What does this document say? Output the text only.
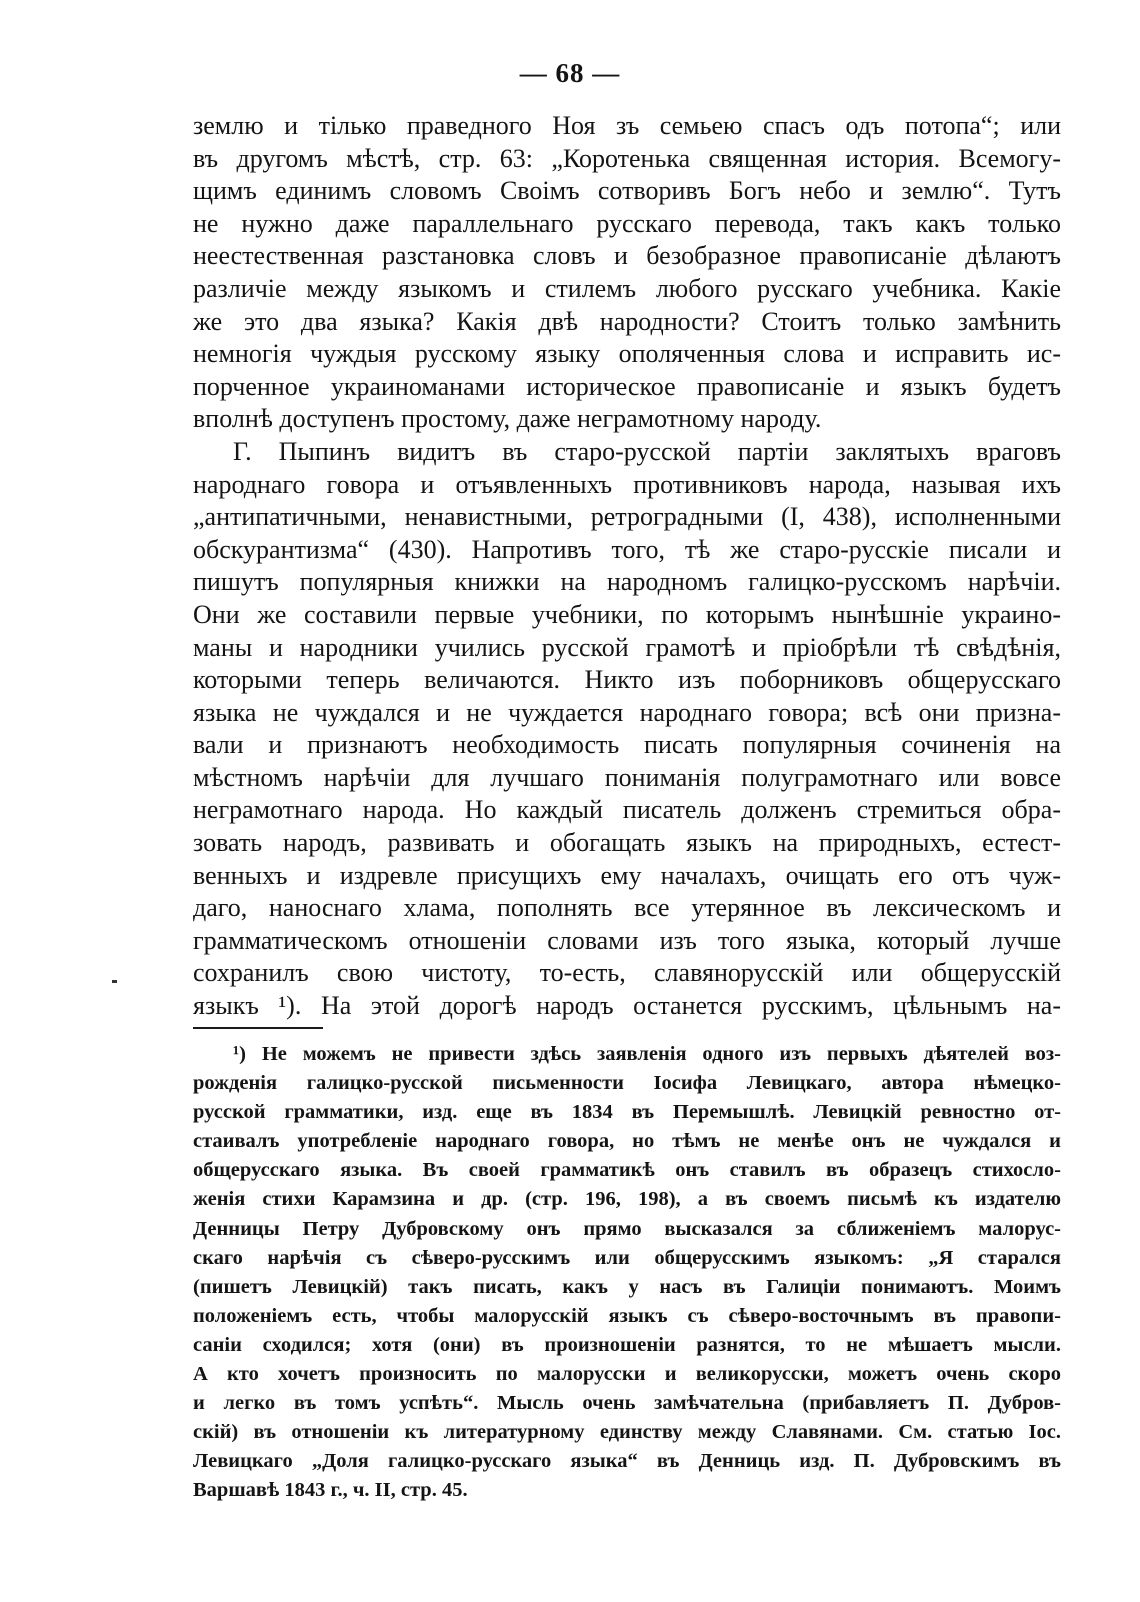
— 68 —
землю и тілько праведного Ноя зъ семьею спасъ одъ потопа“; или
въ другомъ мѣстѣ, стр. 63: „Коротенька священная история. Всемогу-
щимъ единимъ словомъ Своімъ сотворивъ Богъ небо и землю“. Тутъ
не нужно даже параллельнаго русскаго перевода, такъ какъ только
неестественная разстановка словъ и безобразное правописаніе дѣлаютъ
различіе между языкомъ и стилемъ любого русскаго учебника. Какіе
же это два языка? Какія двѣ народности? Стоитъ только замѣнить
немногія чуждыя русскому языку ополяченныя слова и исправить ис-
порченное украиноманами историческое правописаніе и языкъ будетъ
вполнѣ доступенъ простому, даже неграмотному народу.
Г. Пыпинъ видитъ въ старо-русской партіи заклятыхъ враговъ
народнаго говора и отъявленныхъ противниковъ народа, называя ихъ
„антипатичными, ненавистными, ретроградными (I, 438), исполненными
обскурантизма“ (430). Напротивъ того, тѣ же старо-русскіе писали и
пишутъ популярныя книжки на народномъ галицко-русскомъ нарѣчіи.
Они же составили первые учебники, по которымъ нынѣшніе украино-
маны и народники учились русской грамотѣ и пріобрѣли тѣ свѣдѣнія,
которыми теперь величаются. Никто изъ поборниковъ общерусскаго
языка не чуждался и не чуждается народнаго говора; всѣ они призна-
вали и признаютъ необходимость писать популярныя сочиненія на
мѣстномъ нарѣчіи для лучшаго пониманія полуграмотнаго или вовсе
неграмотнаго народа. Но каждый писатель долженъ стремиться обра-
зовать народъ, развивать и обогащать языкъ на природныхъ, естест-
венныхъ и издревле присущихъ ему началахъ, очищать его отъ чуж-
даго, наноснаго хлама, пополнять все утерянное въ лексическомъ и
грамматическомъ отношеніи словами изъ того языка, который лучше
сохранилъ свою чистоту, то-есть, славянорусскій или общерусскій
языкъ ¹). На этой дорогѣ народъ останется русскимъ, цѣльнымъ на-
¹) Не можемъ не привести здѣсь заявленія одного изъ первыхъ дѣятелей воз-
рожденія галицко-русской письменности Іосифа Левицкаго, автора нѣмецко-
русской грамматики, изд. еще въ 1834 въ Перемышлѣ. Левицкій ревностно от-
стаивалъ употребленіе народнаго говора, но тѣмъ не менѣе онъ не чуждался и
общерусскаго языка. Въ своей грамматикѣ онъ ставилъ въ образецъ стихосло-
женія стихи Карамзина и др. (стр. 196, 198), а въ своемъ письмѣ къ издателю
Денницы Петру Дубровскому онъ прямо высказался за сближеніемъ малорус-
скаго нарѣчія съ сѣверо-русскимъ или общерусскимъ языкомъ: „Я старался
(пишетъ Левицкій) такъ писать, какъ у насъ въ Галиціи понимаютъ. Моимъ
положеніемъ есть, чтобы малорусскій языкъ съ сѣверо-восточнымъ въ правопи-
саніи сходился; хотя (они) въ произношеніи разнятся, то не мѣшаетъ мысли.
А кто хочетъ произносить по малорусски и великорусски, можетъ очень скоро
и легко въ томъ успѣть“. Мысль очень замѣчательна (прибавляетъ П. Дубров-
скій) въ отношеніи къ литературному единству между Славянами. См. статью Іос.
Левицкаго „Доля галицко-русскаго языка“ въ Денниць изд. П. Дубровскимъ въ
Варшавѣ 1843 г., ч. II, стр. 45.
